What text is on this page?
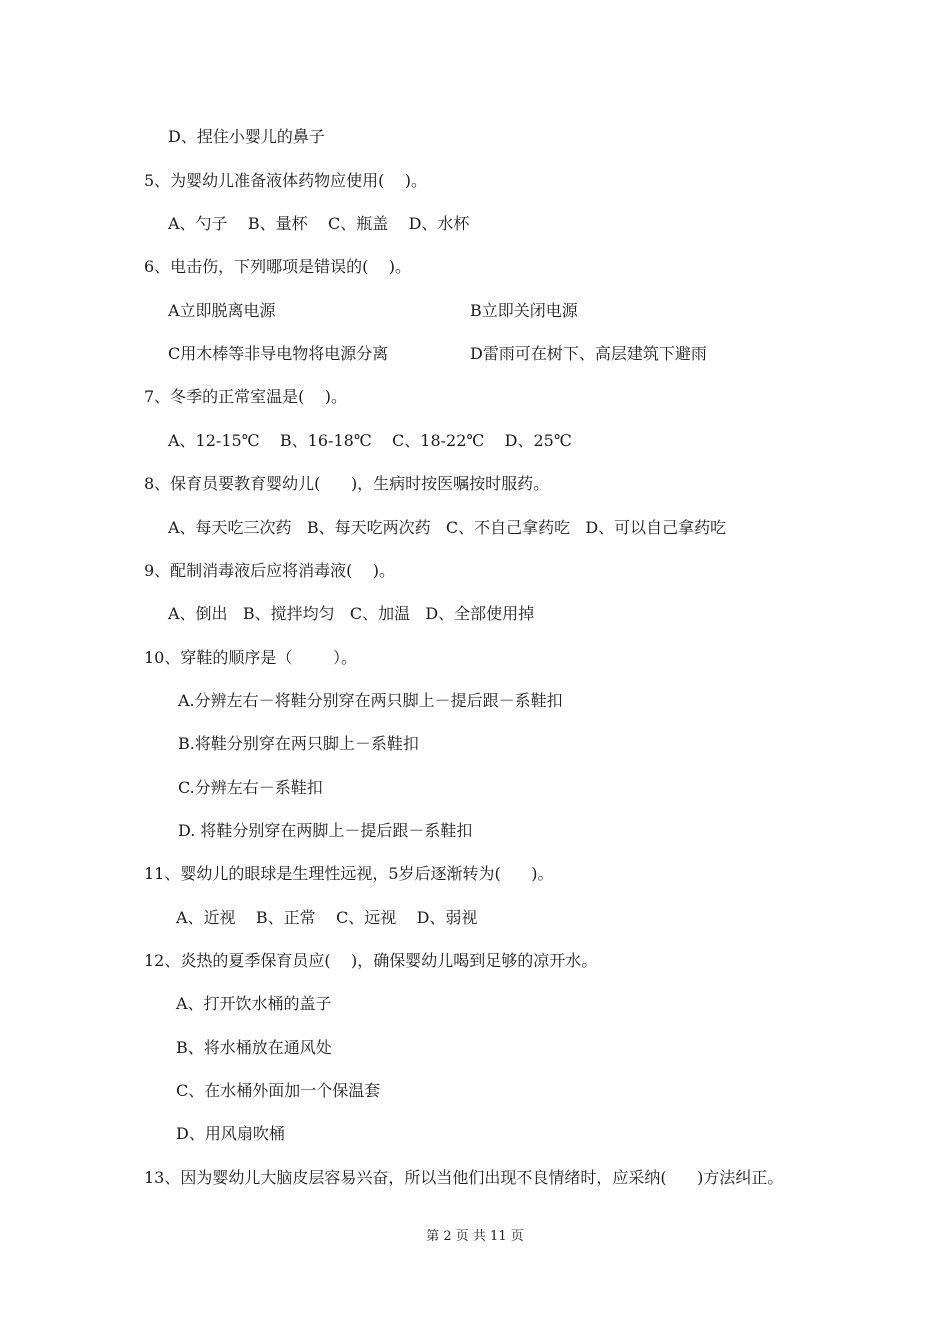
D、捏住小婴儿的鼻子
5、为婴幼儿准备液体药物应使用(    )。
A、勺子    B、量杯    C、瓶盖    D、水杯
6、电击伤，下列哪项是错误的(    )。
A立即脱离电源	B立即关闭电源
C用木棒等非导电物将电源分离	D雷雨可在树下、高层建筑下避雨
7、冬季的正常室温是(    )。
A、12-15℃    B、16-18℃    C、18-22℃    D、25℃
8、保育员要教育婴幼儿(      )，生病时按医嘱按时服药。
A、每天吃三次药   B、每天吃两次药   C、不自己拿药吃   D、可以自己拿药吃
9、配制消毒液后应将消毒液(    )。
A、倒出   B、搅拌均匀   C、加温   D、全部使用掉
10、穿鞋的顺序是（        ）。
A.分辨左右－将鞋分别穿在两只脚上－提后跟－系鞋扣
B.将鞋分别穿在两只脚上－系鞋扣
C.分辨左右－系鞋扣
D. 将鞋分别穿在两脚上－提后跟－系鞋扣
11、婴幼儿的眼球是生理性远视，5岁后逐渐转为(      )。
A、近视    B、正常    C、远视    D、弱视
12、炎热的夏季保育员应(    )，确保婴幼儿喝到足够的凉开水。
A、打开饮水桶的盖子
B、将水桶放在通风处
C、在水桶外面加一个保温套
D、用风扇吹桶
13、因为婴幼儿大脑皮层容易兴奋，所以当他们出现不良情绪时，应采纳(      )方法纠正。
第 2 页 共 11 页
